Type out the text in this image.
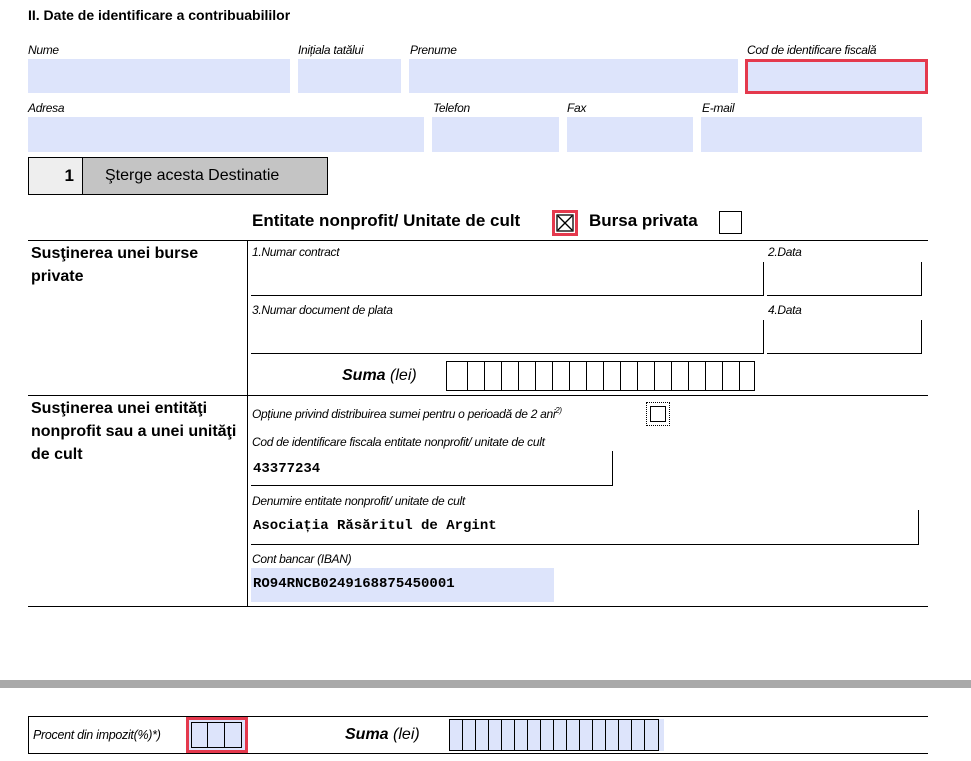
II. Date de identificare a contribuabililor
Nume	Inițiala tatălui	Prenume	Cod de identificare fiscală
Adresa	Telefon	Fax	E-mail
1	Şterge acesta Destinatie
Entitate nonprofit/ Unitate de cult	Bursa privata
Susţinerea unei burse private
1.Numar contract	2.Data
3.Numar document de plata	4.Data
Suma (lei)
Susţinerea unei entităţi nonprofit sau a unei unităţi de cult
Opțiune privind distribuirea sumei pentru o perioadă de 2 ani$^{2)}$
Cod de identificare fiscala entitate nonprofit/ unitate de cult
43377234
Denumire entitate nonprofit/ unitate de cult
Asociația Răsăritul de Argint
Cont bancar (IBAN)
RO94RNCB0249168875450001
Procent din impozit(%)*)	Suma (lei)
